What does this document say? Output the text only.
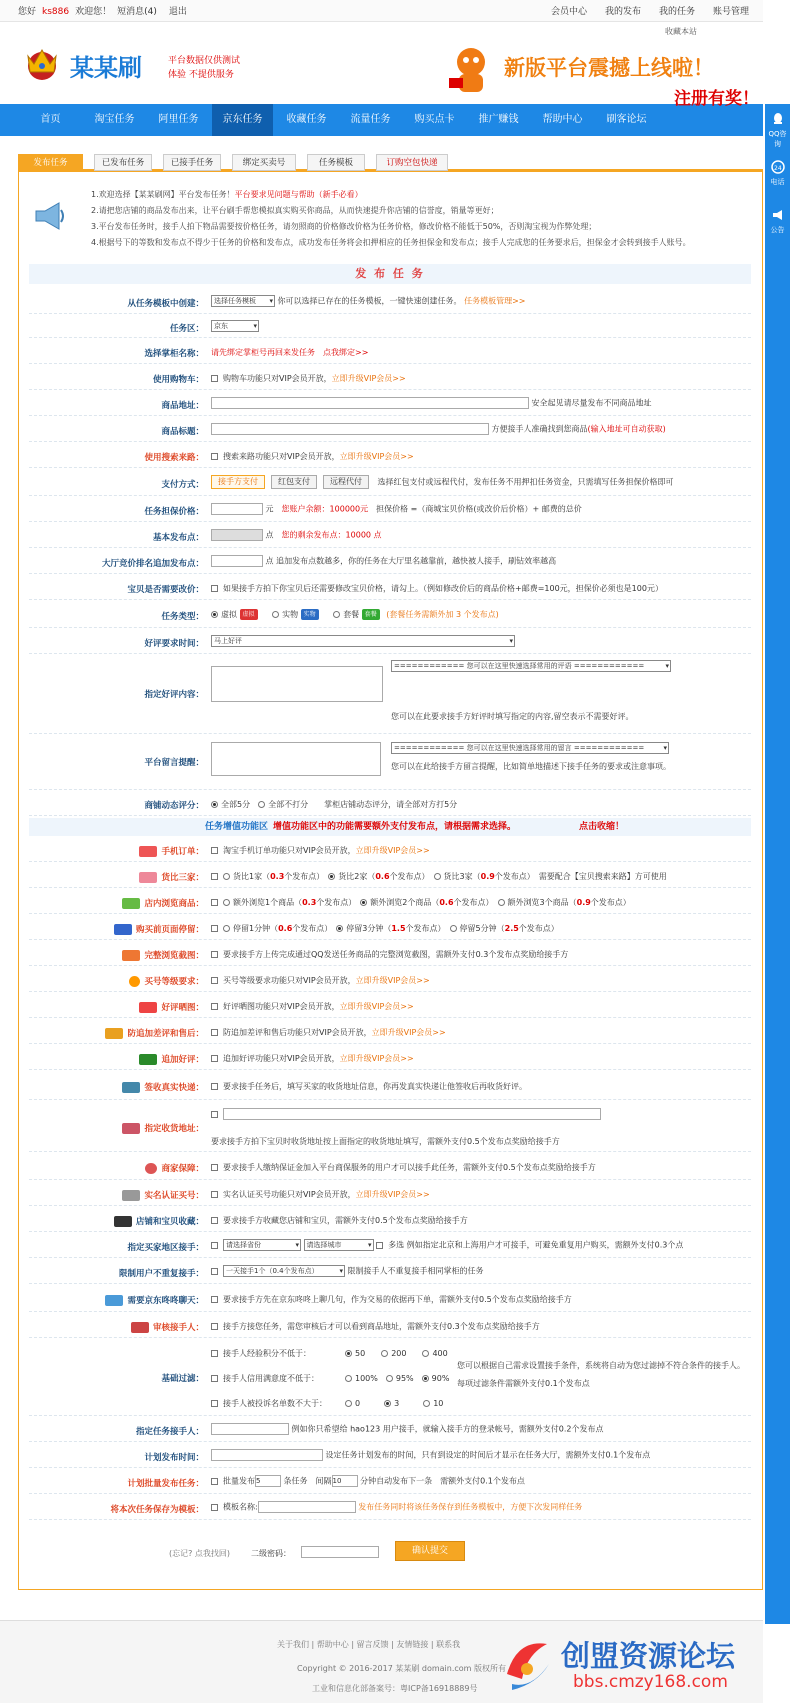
您好 ks886 欢迎您！ 短消息(4) 退出	会员中心 我的发布 我的任务 账号管理
某某刷	平台数据仅供测试
体验 不提供服务
收藏本站
新版平台震撼上线啦！
注册有奖！
首页	淘宝任务	阿里任务	京东任务	收藏任务	流量任务	购买点卡	推广赚钱	帮助中心	刷客论坛
QQ咨询
24
电话
公告
发布任务	已发布任务	已接手任务	绑定买卖号	任务模板	订购空包快递
1.欢迎选择【某某刷网】平台发布任务！平台要求见问题与帮助（新手必看）
2.请把您店铺的商品发布出来，让平台刷手帮您模拟真实购买你商品，从而快速提升你店铺的信誉度，销量等更好；
3.平台发布任务时，接手人拍下物品需要按价格任务，请勿照商的价格修改价格为任务价格，修改价格不能低于50%，否则淘宝视为作弊处理；
4.根据号下的等数和发布点不得少于任务的价格和发布点，成功发布任务将会扣押相应的任务担保金和发布点；接手人完成您的任务要求后，担保金才会转到接手人账号。
发 布 任 务
从任务模板中创建：	选择任务模板 ▾	你可以选择已存在的任务模板，一键快速创建任务。 任务模板管理>>
任务区：	京东 ▾
选择掌柜名称： 请先绑定掌柜号再回来发任务　 点我绑定>>
使用购物车：	购物车功能只对VIP会员开放，立即升级VIP会员>>
商品地址：	安全起见请尽量发布不同商品地址
商品标题：	方便接手人准确找到您商品(输入地址可自动获取)
使用搜索来路：	搜索来路功能只对VIP会员开放，立即升级VIP会员>>
支付方式：	接手方支付	红包支付	远程代付 选择红包支付或远程代付，发布任务不用押扣任务资金，只需填写任务担保价格即可
任务担保价格：	元　 您账户余额：100000元　 担保价格 =（商城宝贝价格(或改价后价格）+ 邮费的总价
基本发布点：	点　 您的剩余发布点：10000 点
大厅竞价排名追加发布点：	点 追加发布点数越多，你的任务在大厅里名越靠前，越快被人接手，刷钻效率越高
宝贝是否需要改价：	如果接手方拍下你宝贝后还需要修改宝贝价格，请勾上。（例如修改价后的商品价格+邮费=100元，担保价必须也是100元）
任务类型：	虚拟 虚拟 　	实物 实物 　	套餐 套餐 (套餐任务需额外加 3 个发布点)
好评要求时间：	马上好评 ▾
指定好评内容：
============ 您可以在这里快速选择常用的评语 ============ ▾
您可以在此要求接手方好评时填写指定的内容,留空表示不需要好评。
平台留言提醒：
============ 您可以在这里快速选择常用的留言 ============ ▾
您可以在此给接手方留言提醒，比如简单地描述下接手任务的要求或注意事项。
商铺动态评分：	全部5分　 全部不打分　　 掌柜店铺动态评分，请全部对方打5分
任务增值功能区 增值功能区中的功能需要额外支付发布点，请根据需求选择。	点击收缩！
手机订单：	淘宝手机订单功能只对VIP会员开放，立即升级VIP会员>>
货比三家：	货比1家（0.3个发布点）　 货比2家（0.6个发布点）　 货比3家（0.9个发布点）　 需要配合【宝贝搜索来路】方可使用
店内浏览商品：	额外浏览1个商品（0.3个发布点）　 额外浏览2个商品（0.6个发布点）　 额外浏览3个商品（0.9个发布点）
购买前页面停留：	停留1分钟（0.6个发布点）　 停留3分钟（1.5个发布点）　 停留5分钟（2.5个发布点）
完整浏览截图：	要求接手方上传完成通过QQ发送任务商品的完整浏览截图，需额外支付0.3个发布点奖励给接手方
买号等级要求：	买号等级要求功能只对VIP会员开放，立即升级VIP会员>>
好评晒图：	好评晒图功能只对VIP会员开放，立即升级VIP会员>>
防追加差评和售后：	防追加差评和售后功能只对VIP会员开放，立即升级VIP会员>>
追加好评：	追加好评功能只对VIP会员开放，立即升级VIP会员>>
签收真实快递：	要求接手任务后，填写买家的收货地址信息，你再发真实快递让他签收后再收货好评。
指定收货地址：
要求接手方拍下宝贝时收货地址按上面指定的收货地址填写，需额外支付0.5个发布点奖励给接手方
商家保障：	要求接手人缴纳保证金加入平台商保服务的用户才可以接手此任务，需额外支付0.5个发布点奖励给接手方
实名认证买号：	实名认证买号功能只对VIP会员开放，立即升级VIP会员>>
店铺和宝贝收藏：	要求接手方收藏您店铺和宝贝，需额外支付0.5个发布点奖励给接手方
指定买家地区接手：	请选择省份 ▾	请选择城市 ▾	多选 例如指定北京和上海用户才可接手，可避免重复用户购买，需额外支付0.3个点
限制用户不重复接手：	一天接手1个（0.4个发布点） ▾	限制接手人不重复接手相同掌柜的任务
需要京东咚咚聊天：	要求接手方先在京东咚咚上聊几句，作为交易的依据再下单，需额外支付0.5个发布点奖励给接手方
审核接手人：	接手方接您任务，需您审核后才可以看到商品地址，需额外支付0.3个发布点奖励给接手方
基础过滤：
接手人经验积分不低于：	50　　	200　　	400
接手人信用满意度不低于：	100%　 95%　 90%
接手人被投诉名单数不大于：	0　　　	3　　　	10
您可以根据自己需求设置接手条件，系统将自动为您过滤掉不符合条件的接手人。
每项过滤条件需额外支付0.1个发布点
指定任务接手人：	例如你只希望给 hao123 用户接手，就输入接手方的登录帐号，需额外支付0.2个发布点
计划发布时间：	设定任务计划发布的时间，只有到设定的时间后才显示在任务大厅，需额外支付0.1个发布点
计划批量发布任务：	批量发布5	条任务　 间隔10 分钟自动发布下一条　 需额外支付0.1个发布点
将本次任务保存为模板：	模板名称:	发布任务同时将该任务保存到任务模板中，方便下次发同样任务
(忘记? 点我找回)	二级密码：	确认提交
关于我们 | 帮助中心 | 留言反馈 | 友情链接 | 联系我
Copyright © 2016-2017 某某刷 domain.com 版权所有
工业和信息化部备案号：粤ICP备16918889号
创盟资源论坛
bbs.cmzy168.com
